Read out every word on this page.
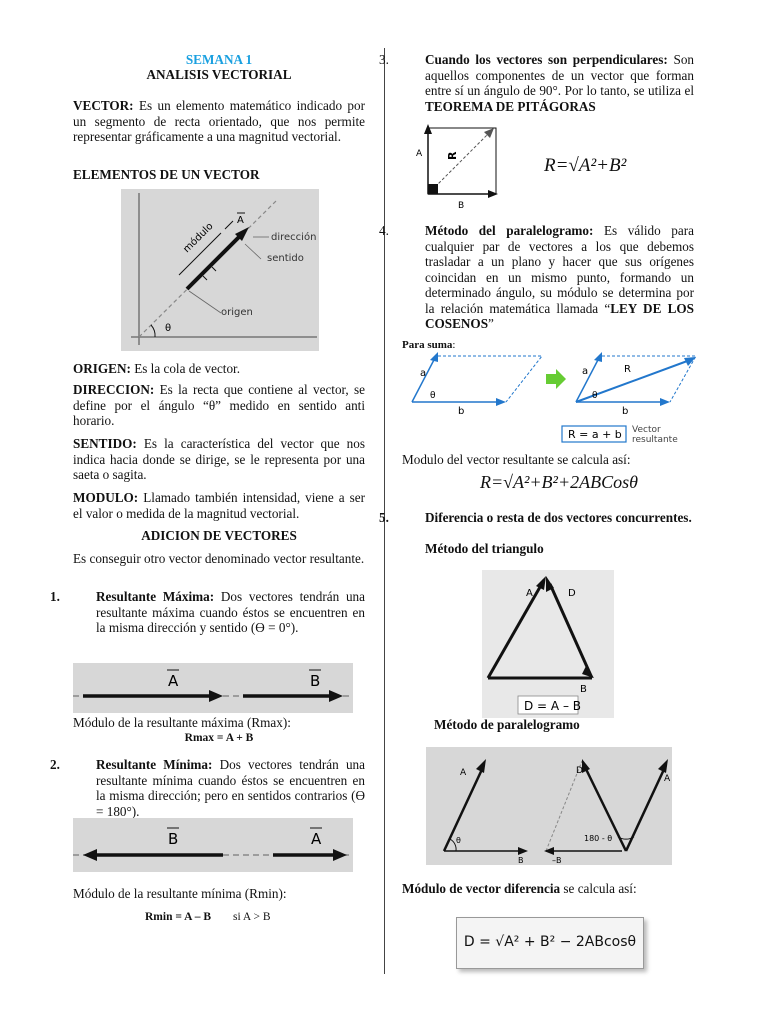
SEMANA 1

ANALISIS VECTORIAL

VECTOR: Es un elemento matemático indicado por un segmento de recta orientado, que nos permite representar gráficamente a una magnitud vectorial.

ELEMENTOS DE UN VECTOR

θ
módulo
A
dirección
sentido
origen

ORIGEN: Es la cola de vector.

DIRECCION: Es la recta que contiene al vector, se define por el ángulo “θ” medido en sentido anti horario.

SENTIDO: Es la característica del vector que nos indica hacia donde se dirige, se le representa por una saeta o sagita.

MODULO: Llamado también intensidad, viene a ser el valor o medida de la magnitud vectorial.

ADICION DE VECTORES

Es conseguir otro vector denominado vector resultante.

1.	Resultante Máxima: Dos vectores tendrán una resultante máxima cuando éstos se encuentren en la misma dirección y sentido (Ɵ = 0°).

A	B

Módulo de la resultante máxima (Rmax):

Rmax = A + B

2.	Resultante Mínima: Dos vectores tendrán una resultante mínima cuando éstos se encuentren en la misma dirección; pero en sentidos contrarios (Ɵ = 180°).

B	A

Módulo de la resultante mínima (Rmin):

Rmin = A – B si A > B

3.	Cuando los vectores son perpendiculares: Son aquellos componentes de un vector que forman entre sí un ángulo de 90°. Por lo tanto, se utiliza el TEOREMA DE PITÁGORAS

A
B
R	R=√A²+B²

4.	Método del paralelogramo: Es válido para cualquier par de vectores a los que debemos trasladar a un plano y hacer que sus orígenes coincidan en un mismo punto, formando un determinado ángulo, su módulo se determina por la relación matemática llamada “LEY DE LOS COSENOS”

Para suma:

a
θ
b
a
θ
R
b
R = a + b Vector
resultante

Modulo del vector resultante se calcula así:

R=√A²+B²+2ABCosθ

5.	Diferencia o resta de dos vectores concurrentes.

Método del triangulo

A	D
B
D = A – B

Método de paralelogramo

θ
A
B
180 - θ
D
A
–B

Módulo de vector diferencia se calcula así:

D = √A² + B² − 2ABcosθ
